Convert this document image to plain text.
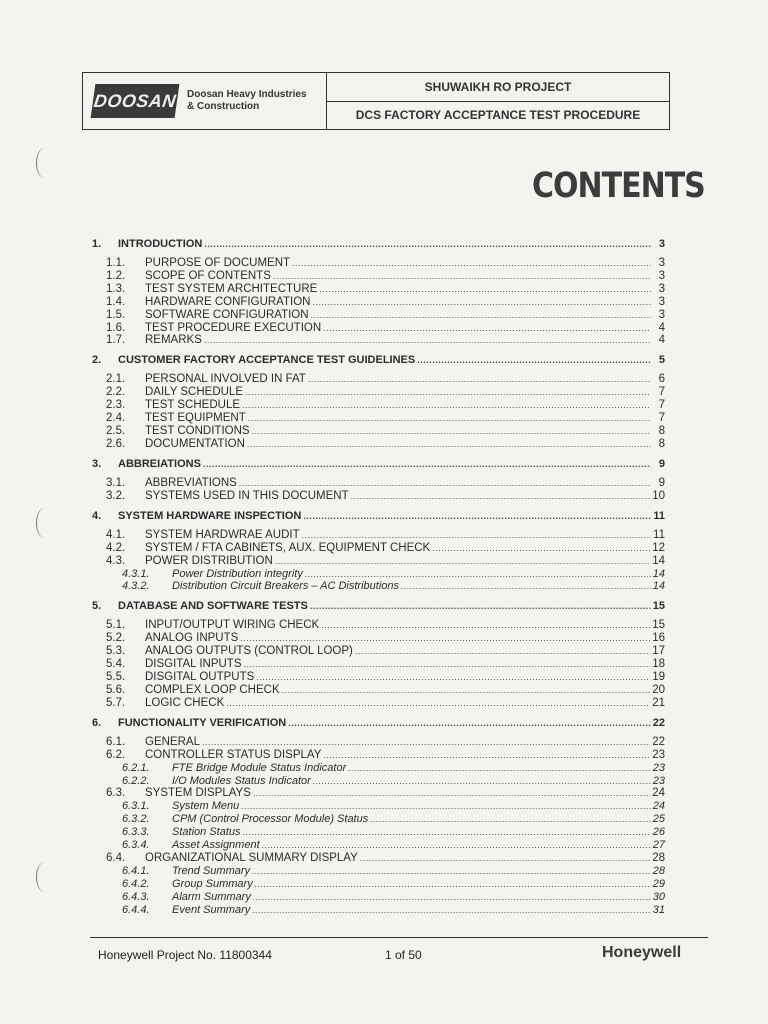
DOOSAN Doosan Heavy Industries
& Construction
SHUWAIKH RO PROJECT
DCS FACTORY ACCEPTANCE TEST PROCEDURE
CONTENTS
1.	INTRODUCTION .....	3
1.1.	PURPOSE OF DOCUMENT .....	3
1.2.	SCOPE OF CONTENTS .....	3
1.3.	TEST SYSTEM ARCHITECTURE .....	3
1.4.	HARDWARE CONFIGURATION .....	3
1.5.	SOFTWARE CONFIGURATION .....	3
1.6.	TEST PROCEDURE EXECUTION .....	4
1.7.	REMARKS .....	4
2.	CUSTOMER FACTORY ACCEPTANCE TEST GUIDELINES .....	5
2.1.	PERSONAL INVOLVED IN FAT .....	6
2.2.	DAILY SCHEDULE .....	7
2.3.	TEST SCHEDULE .....	7
2.4.	TEST EQUIPMENT .....	7
2.5.	TEST CONDITIONS .....	8
2.6.	DOCUMENTATION .....	8
3.	ABBREIATIONS .....	9
3.1.	ABBREVIATIONS .....	9
3.2.	SYSTEMS USED IN THIS DOCUMENT .....	10
4.	SYSTEM HARDWARE INSPECTION .....	11
4.1.	SYSTEM HARDWRAE AUDIT .....	11
4.2.	SYSTEM / FTA CABINETS, AUX. EQUIPMENT CHECK .....	12
4.3.	POWER DISTRIBUTION .....	14
4.3.1.	Power Distribution integrity .....	14
4.3.2.	Distribution Circuit Breakers – AC Distributions .....	14
5.	DATABASE AND SOFTWARE TESTS .....	15
5.1.	INPUT/OUTPUT WIRING CHECK .....	15
5.2.	ANALOG INPUTS .....	16
5.3.	ANALOG OUTPUTS (CONTROL LOOP) .....	17
5.4.	DISGITAL INPUTS .....	18
5.5.	DISGITAL OUTPUTS .....	19
5.6.	COMPLEX LOOP CHECK .....	20
5.7.	LOGIC CHECK .....	21
6.	FUNCTIONALITY VERIFICATION .....	22
6.1.	GENERAL .....	22
6.2.	CONTROLLER STATUS DISPLAY .....	23
6.2.1.	FTE Bridge Module Status Indicator .....	23
6.2.2.	I/O Modules Status Indicator .....	23
6.3.	SYSTEM DISPLAYS .....	24
6.3.1.	System Menu .....	24
6.3.2.	CPM (Control Processor Module) Status .....	25
6.3.3.	Station Status .....	26
6.3.4.	Asset Assignment .....	27
6.4.	ORGANIZATIONAL SUMMARY DISPLAY .....	28
6.4.1.	Trend Summary .....	28
6.4.2.	Group Summary .....	29
6.4.3.	Alarm Summary .....	30
6.4.4.	Event Summary .....	31
Honeywell Project No. 11800344	1 of 50	Honeywell
